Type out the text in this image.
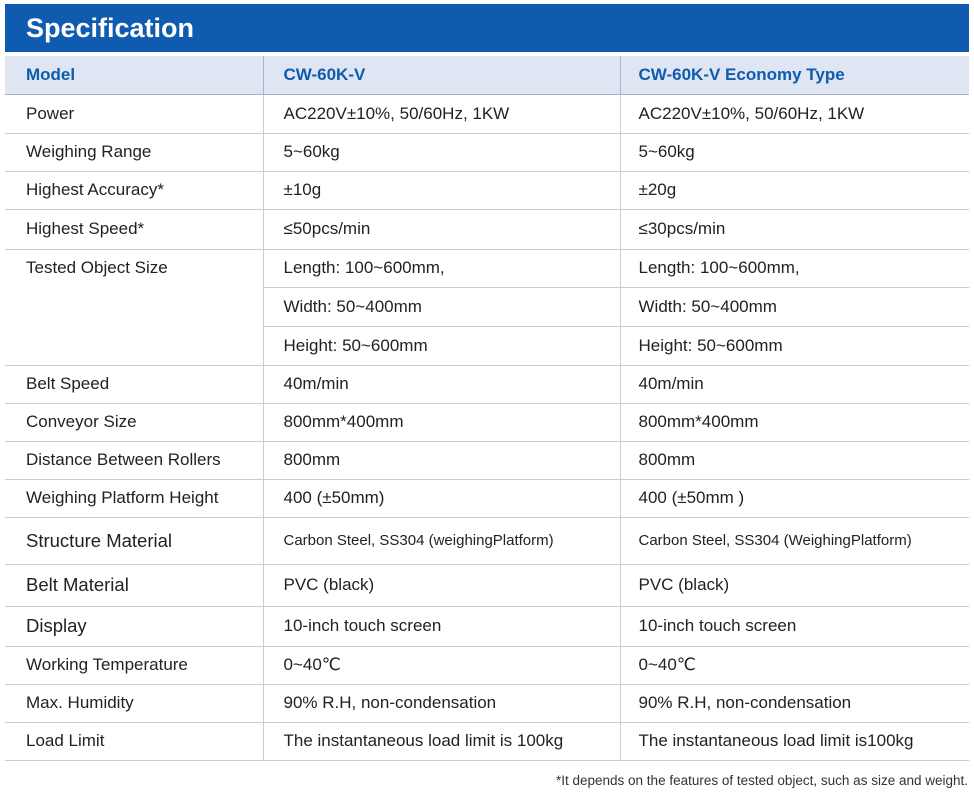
Specification
Model	CW-60K-V	CW-60K-V Economy Type
Power	AC220V±10%, 50/60Hz, 1KW	AC220V±10%, 50/60Hz, 1KW
Weighing Range	5~60kg	5~60kg
Highest Accuracy*	±10g	±20g
Highest Speed*	≤50pcs/min	≤30pcs/min
Tested Object Size	Length: 100~600mm,	Length: 100~600mm,
	Width: 50~400mm	Width: 50~400mm
	Height: 50~600mm	Height: 50~600mm
Belt Speed	40m/min	40m/min
Conveyor Size	800mm*400mm	800mm*400mm
Distance Between Rollers	800mm	800mm
Weighing Platform Height	400 (±50mm)	400 (±50mm )
Structure Material	Carbon Steel, SS304 (weighingPlatform)	Carbon Steel, SS304 (WeighingPlatform)
Belt Material	PVC (black)	PVC (black)
Display	10-inch touch screen	10-inch touch screen
Working Temperature	0~40℃	0~40℃
Max. Humidity	90% R.H, non-condensation	90% R.H, non-condensation
Load Limit	The instantaneous load limit is 100kg	The instantaneous load limit is100kg
*It depends on the features of tested object, such as size and weight.
